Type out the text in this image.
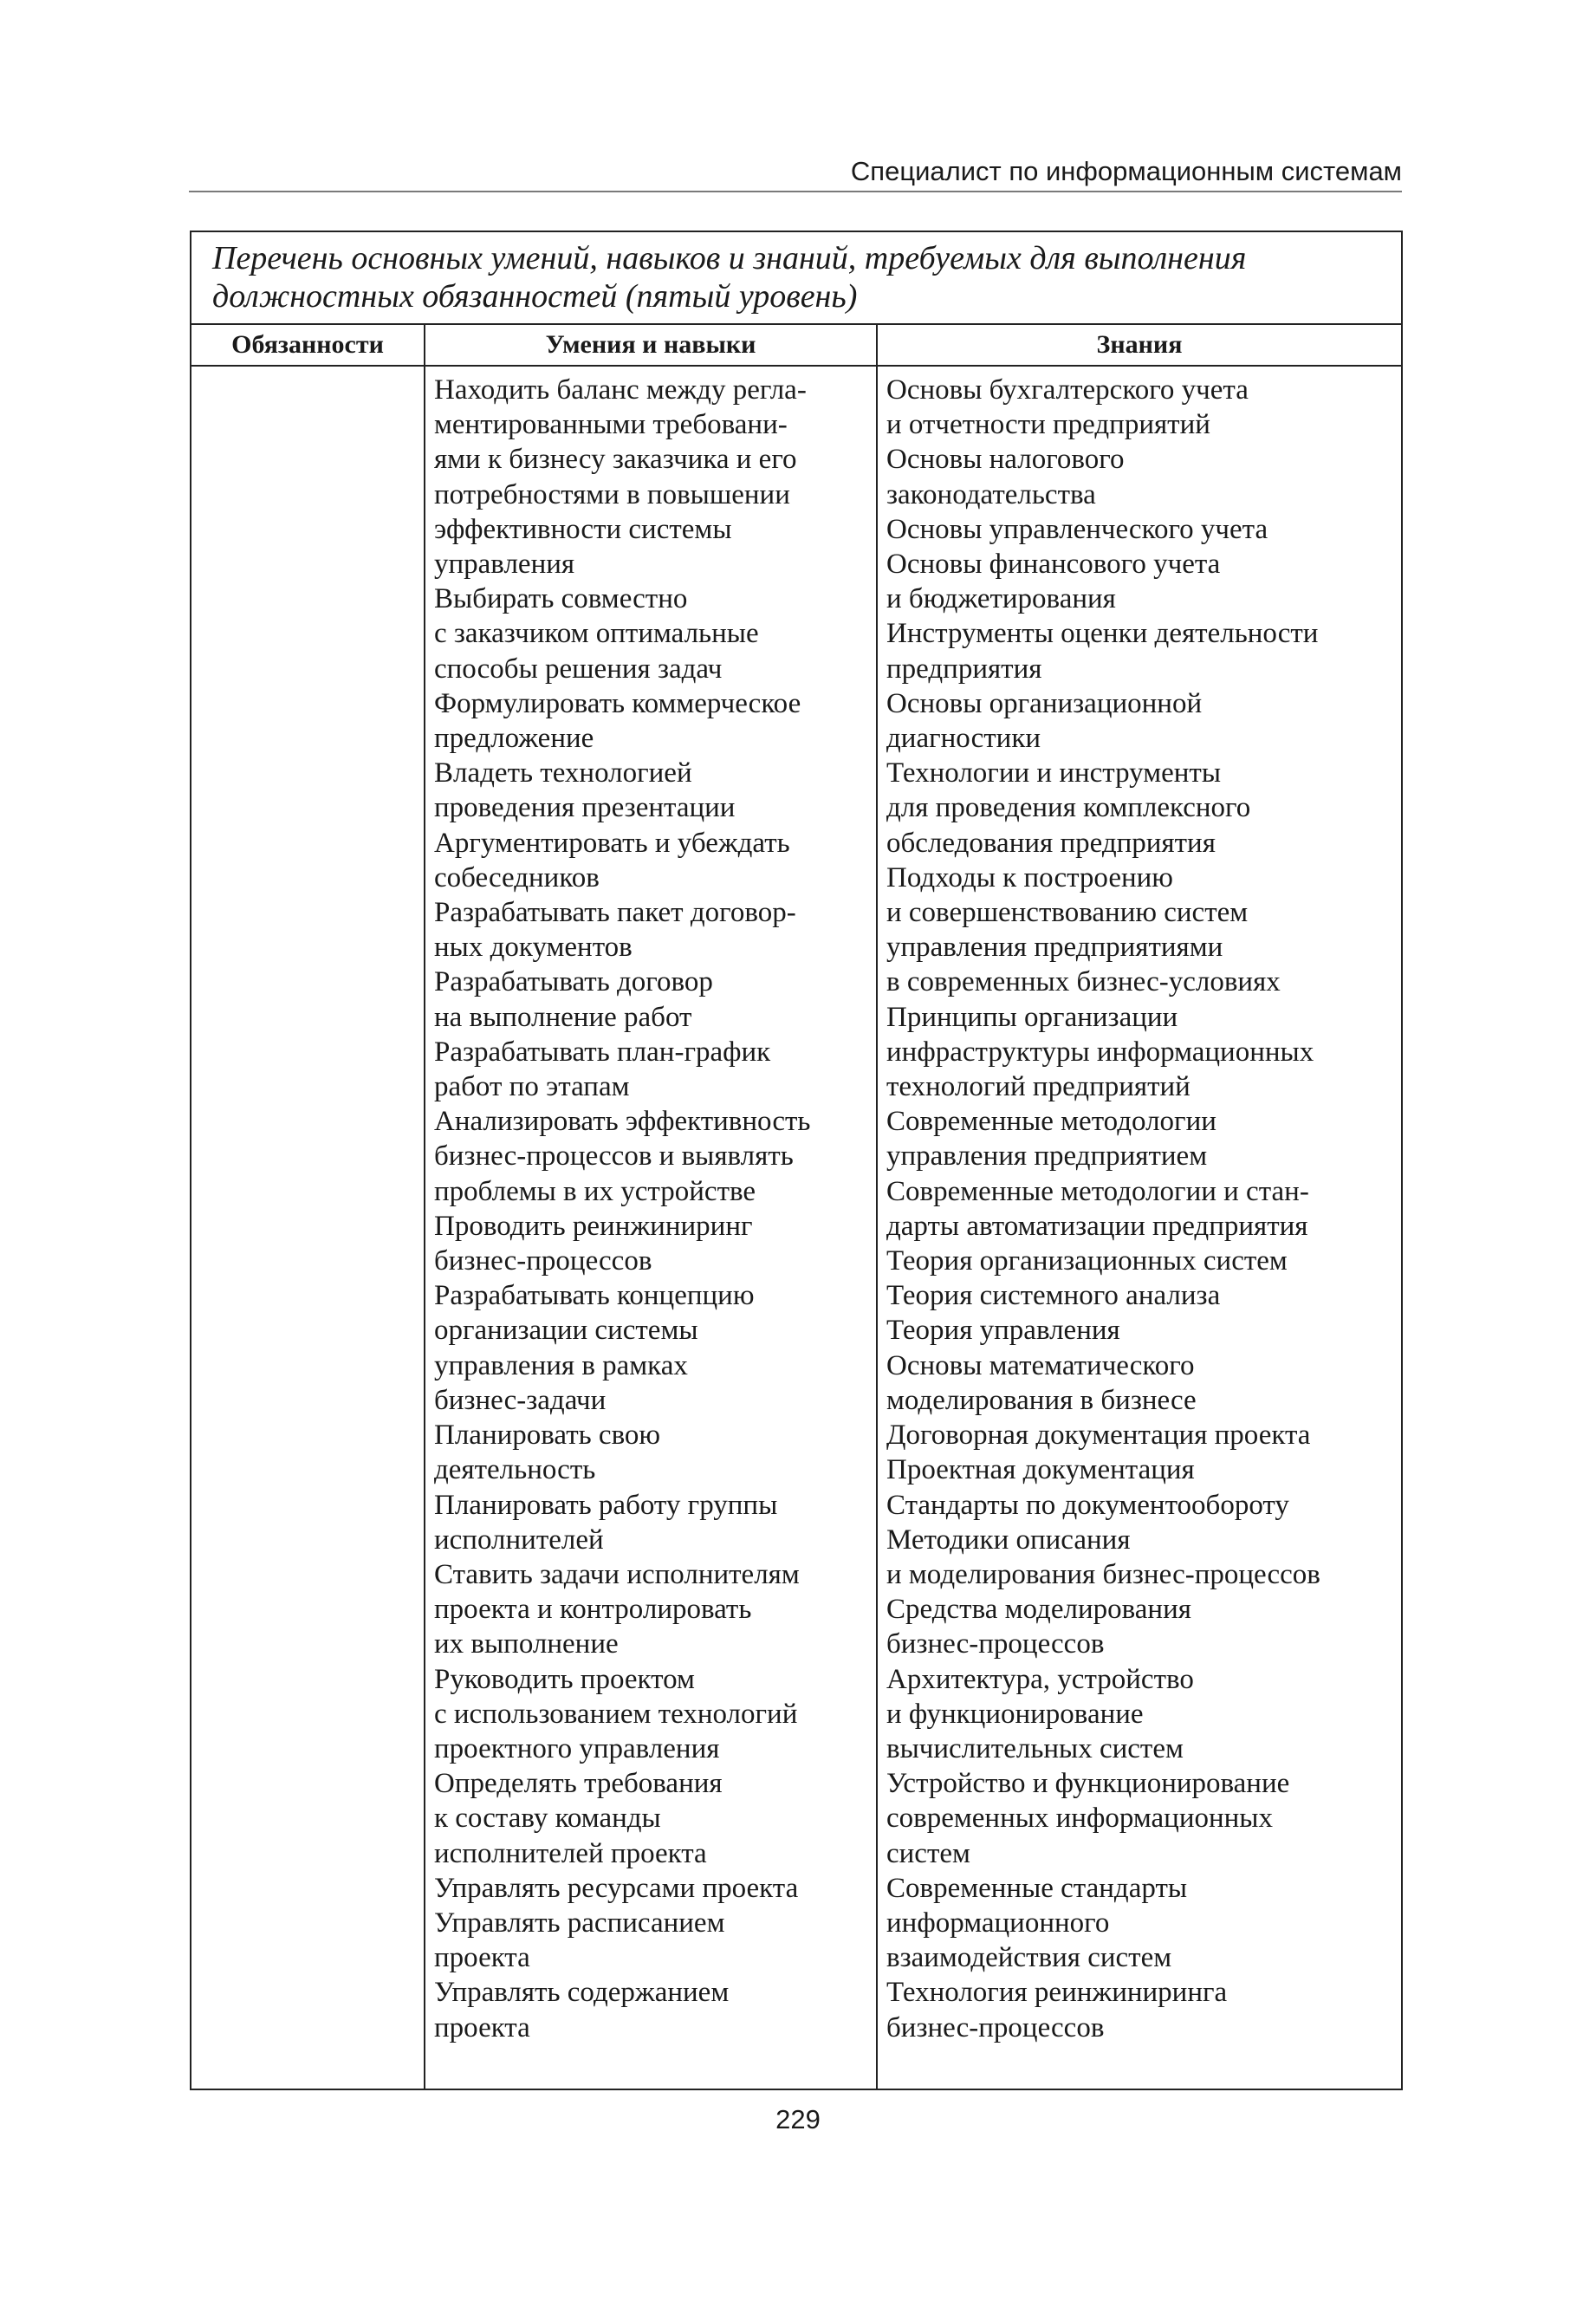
Специалист по информационным системам
Перечень основных умений, навыков и знаний, требуемых для выполнения
должностных обязанностей (пятый уровень)
Обязанности	Умения и навыки	Знания
Находить баланс между регла-
ментированными требовани-
ями к бизнесу заказчика и его
потребностями в повышении
эффективности системы
управления
Выбирать совместно
с заказчиком оптимальные
способы решения задач
Формулировать коммерческое
предложение
Владеть технологией
проведения презентации
Аргументировать и убеждать
собеседников
Разрабатывать пакет договор-
ных документов
Разрабатывать договор
на выполнение работ
Разрабатывать план-график
работ по этапам
Анализировать эффективность
бизнес-процессов и выявлять
проблемы в их устройстве
Проводить реинжиниринг
бизнес-процессов
Разрабатывать концепцию
организации системы
управления в рамках
бизнес-задачи
Планировать свою
деятельность
Планировать работу группы
исполнителей
Ставить задачи исполнителям
проекта и контролировать
их выполнение
Руководить проектом
с использованием технологий
проектного управления
Определять требования
к составу команды
исполнителей проекта
Управлять ресурсами проекта
Управлять расписанием
проекта
Управлять содержанием
проекта
Основы бухгалтерского учета
и отчетности предприятий
Основы налогового
законодательства
Основы управленческого учета
Основы финансового учета
и бюджетирования
Инструменты оценки деятельности
предприятия
Основы организационной
диагностики
Технологии и инструменты
для проведения комплексного
обследования предприятия
Подходы к построению
и совершенствованию систем
управления предприятиями
в современных бизнес-условиях
Принципы организации
инфраструктуры информационных
технологий предприятий
Современные методологии
управления предприятием
Современные методологии и стан-
дарты автоматизации предприятия
Теория организационных систем
Теория системного анализа
Теория управления
Основы математического
моделирования в бизнесе
Договорная документация проекта
Проектная документация
Стандарты по документообороту
Методики описания
и моделирования бизнес-процессов
Средства моделирования
бизнес-процессов
Архитектура, устройство
и функционирование
вычислительных систем
Устройство и функционирование
современных информационных
систем
Современные стандарты
информационного
взаимодействия систем
Технология реинжиниринга
бизнес-процессов
229
